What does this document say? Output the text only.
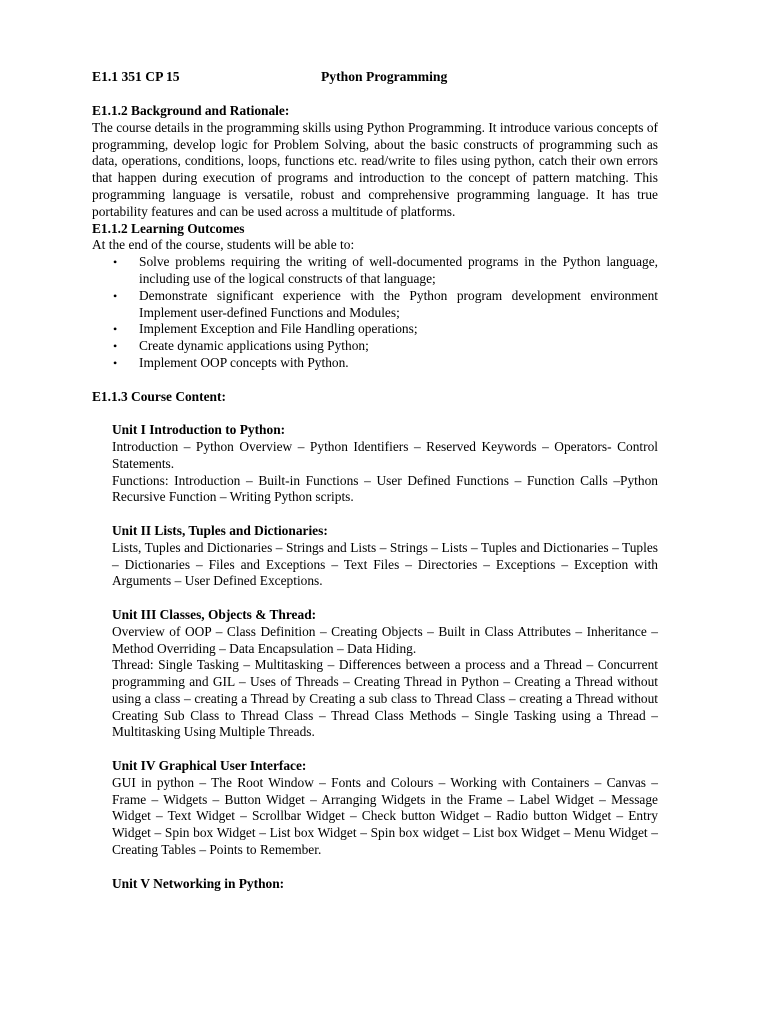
E1.1 351 CP 15	Python Programming

E1.1.2 Background and Rationale:

The course details in the programming skills using Python Programming. It introduce various concepts of programming, develop logic for Problem Solving, about the basic constructs of programming such as data, operations, conditions, loops, functions etc. read/write to files using python, catch their own errors that happen during execution of programs and introduction to the concept of pattern matching. This programming language is versatile, robust and comprehensive programming language. It has true portability features and can be used across a multitude of platforms.

E1.1.2 Learning Outcomes

At the end of the course, students will be able to:

• Solve problems requiring the writing of well-documented programs in the Python language, including use of the logical constructs of that language;
• Demonstrate significant experience with the Python program development environment Implement user-defined Functions and Modules;
• Implement Exception and File Handling operations;
• Create dynamic applications using Python;
• Implement OOP concepts with Python.

E1.1.3 Course Content:

Unit I Introduction to Python:

Introduction – Python Overview – Python Identifiers – Reserved Keywords – Operators- Control Statements.

Functions: Introduction – Built-in Functions – User Defined Functions – Function Calls –Python Recursive Function – Writing Python scripts.

Unit II Lists, Tuples and Dictionaries:

Lists, Tuples and Dictionaries – Strings and Lists – Strings – Lists – Tuples and Dictionaries – Tuples – Dictionaries – Files and Exceptions – Text Files – Directories – Exceptions – Exception with Arguments – User Defined Exceptions.

Unit III Classes, Objects & Thread:

Overview of OOP – Class Definition – Creating Objects – Built in Class Attributes – Inheritance – Method Overriding – Data Encapsulation – Data Hiding.

Thread: Single Tasking – Multitasking – Differences between a process and a Thread – Concurrent programming and GIL – Uses of Threads – Creating Thread in Python – Creating a Thread without using a class – creating a Thread by Creating a sub class to Thread Class – creating a Thread without Creating Sub Class to Thread Class – Thread Class Methods – Single Tasking using a Thread – Multitasking Using Multiple Threads.

Unit IV Graphical User Interface:

GUI in python – The Root Window – Fonts and Colours – Working with Containers – Canvas – Frame – Widgets – Button Widget – Arranging Widgets in the Frame – Label Widget – Message Widget – Text Widget – Scrollbar Widget – Check button Widget – Radio button Widget – Entry Widget – Spin box Widget – List box Widget – Spin box widget – List box Widget – Menu Widget – Creating Tables – Points to Remember.

Unit V Networking in Python:
